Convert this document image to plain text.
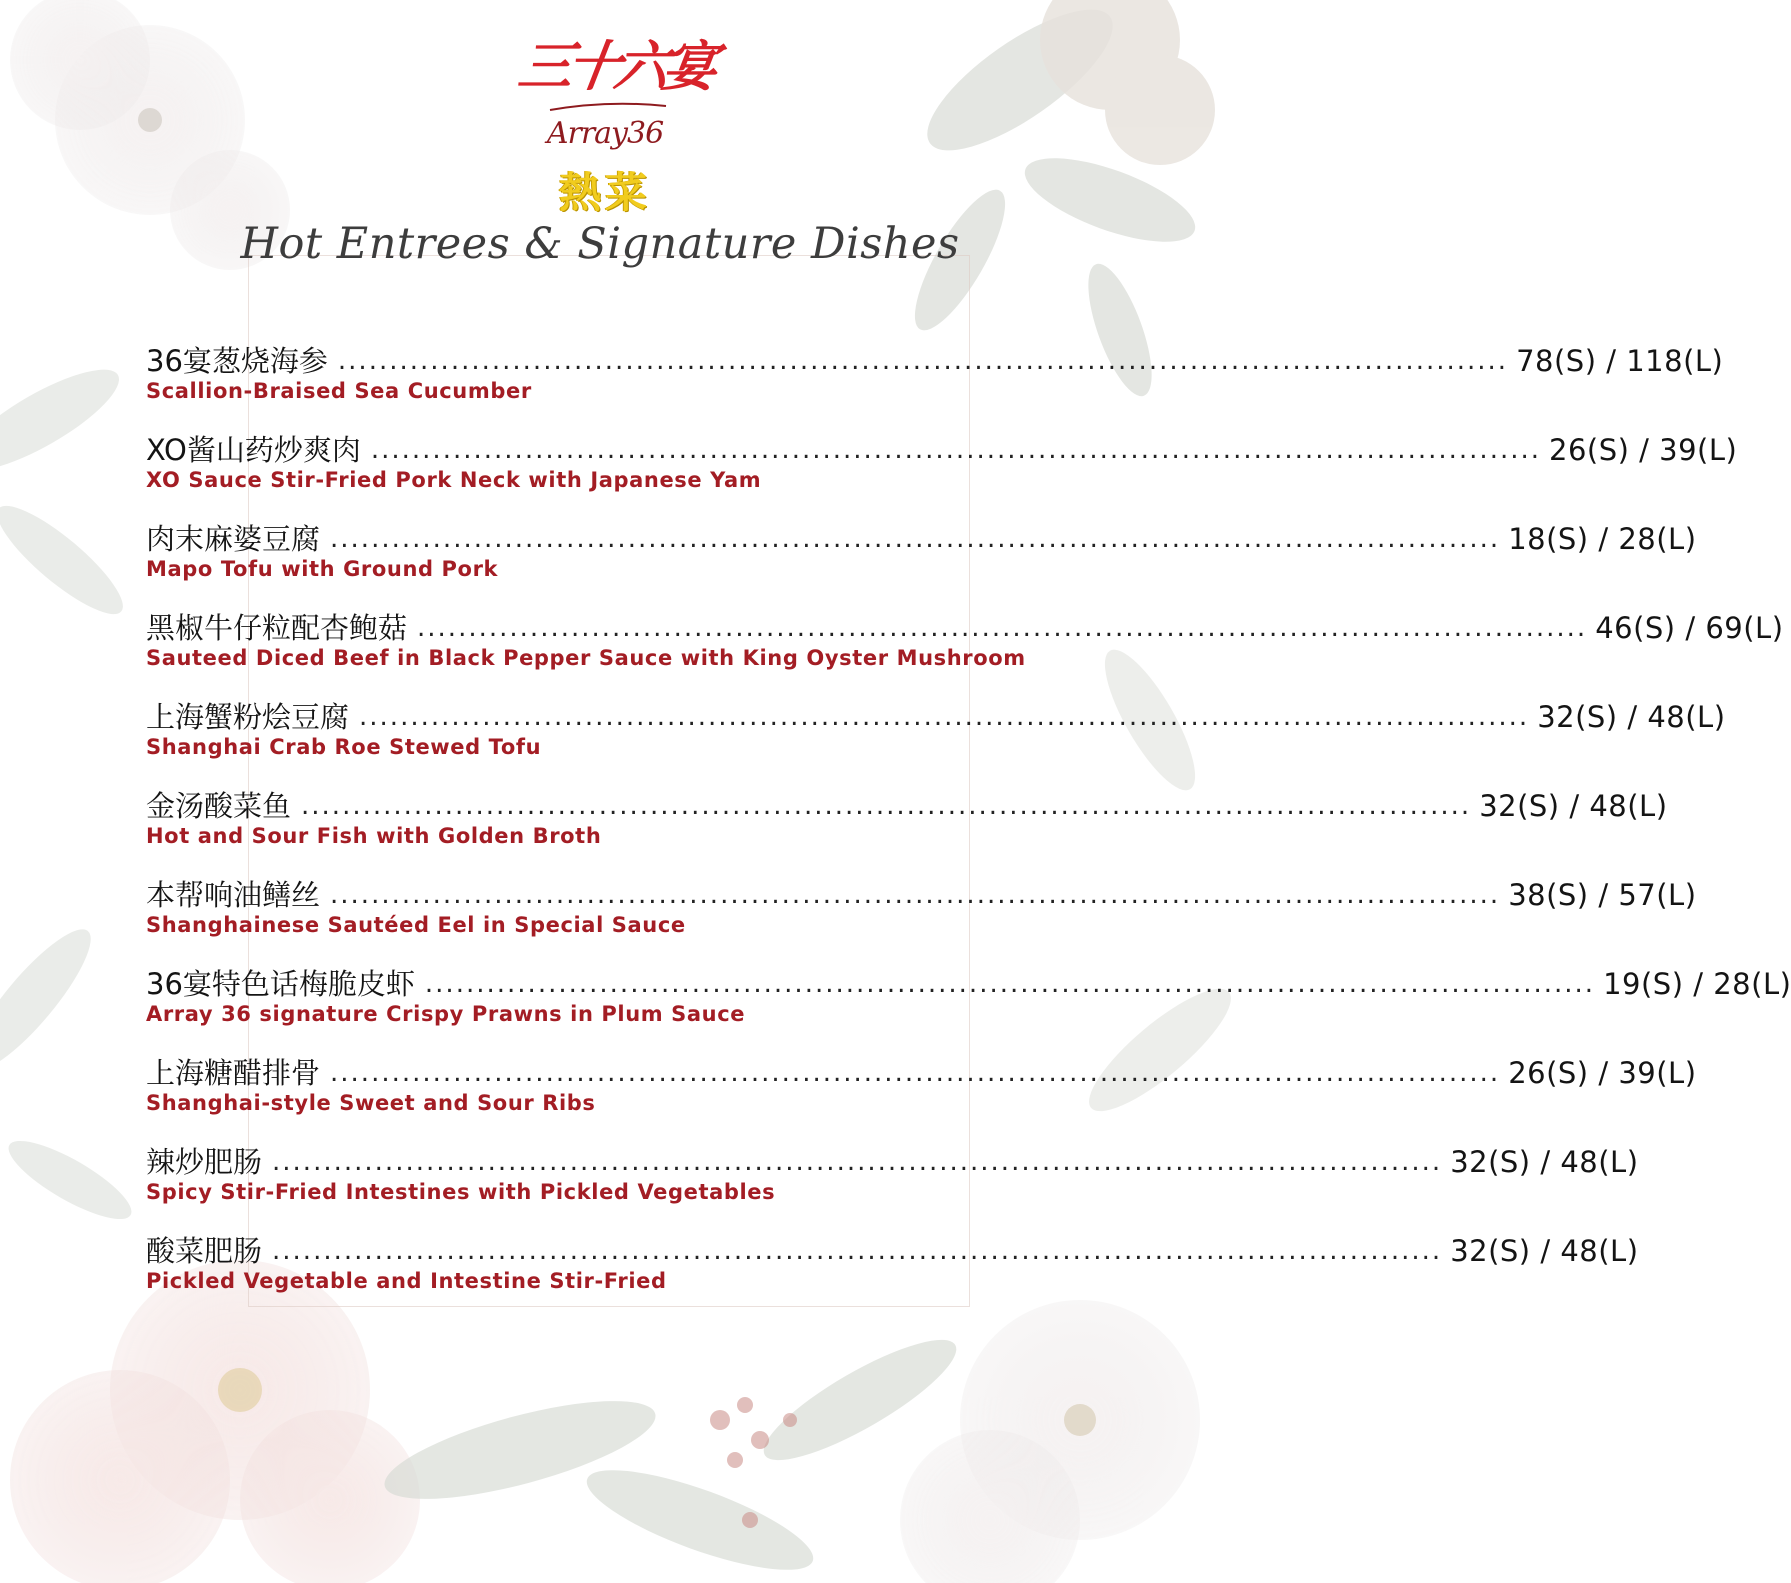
三十六宴
Array36
熱菜
Hot Entrees & Signature Dishes
36宴葱烧海参 .................................................................................................................. 78(S) / 118(L)
Scallion-Braised Sea Cucumber
XO酱山药炒爽肉 .................................................................................................................. 26(S) / 39(L)
XO Sauce Stir-Fried Pork Neck with Japanese Yam
肉末麻婆豆腐 .................................................................................................................. 18(S) / 28(L)
Mapo Tofu with Ground Pork
黑椒牛仔粒配杏鲍菇 .................................................................................................................. 46(S) / 69(L)
Sauteed Diced Beef in Black Pepper Sauce with King Oyster Mushroom
上海蟹粉烩豆腐 .................................................................................................................. 32(S) / 48(L)
Shanghai Crab Roe Stewed Tofu
金汤酸菜鱼 .................................................................................................................. 32(S) / 48(L)
Hot and Sour Fish with Golden Broth
本帮响油鳝丝 .................................................................................................................. 38(S) / 57(L)
Shanghainese Sautéed Eel in Special Sauce
36宴特色话梅脆皮虾 .................................................................................................................. 19(S) / 28(L)
Array 36 signature Crispy Prawns in Plum Sauce
上海糖醋排骨 .................................................................................................................. 26(S) / 39(L)
Shanghai-style Sweet and Sour Ribs
辣炒肥肠 .................................................................................................................. 32(S) / 48(L)
Spicy Stir-Fried Intestines with Pickled Vegetables
酸菜肥肠 .................................................................................................................. 32(S) / 48(L)
Pickled Vegetable and Intestine Stir-Fried
